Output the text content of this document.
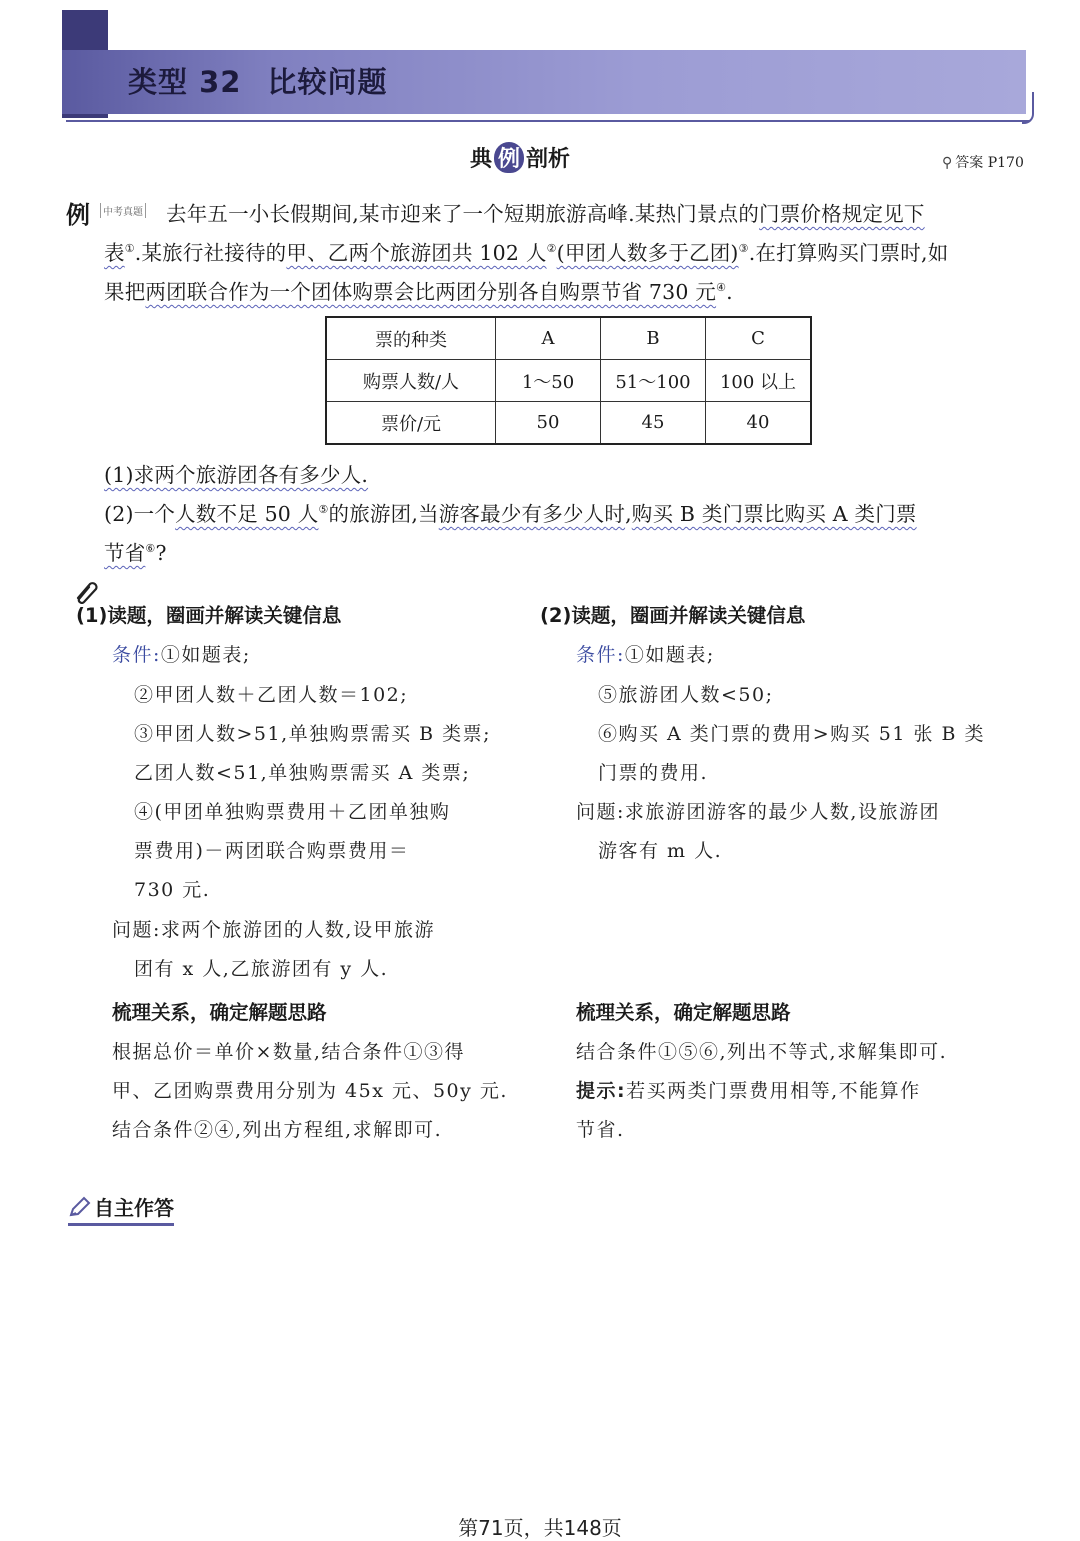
类型 32 比较问题
典 例 剖析	⚲ 答案 P170
例	中考真题 去年五一小长假期间,某市迎来了一个短期旅游高峰.某热门景点的门票价格规定见下
表①.某旅行社接待的甲、乙两个旅游团共 102 人②(甲团人数多于乙团)③.在打算购买门票时,如
果把两团联合作为一个团体购票会比两团分别各自购票节省 730 元④.
票的种类	A	B	C
购票人数/人	1～50	51～100	100 以上
票价/元	50	45	40
(1)求两个旅游团各有多少人.
(2)一个人数不足 50 人⑤的旅游团,当游客最少有多少人时,购买 B 类门票比购买 A 类门票
节省⑥?
(1)读题，圈画并解读关键信息
条件:①如题表;
②甲团人数＋乙团人数＝102;
③甲团人数>51,单独购票需买 B 类票;
乙团人数<51,单独购票需买 A 类票;
④(甲团单独购票费用＋乙团单独购
票费用)－两团联合购票费用＝
730 元.
问题:求两个旅游团的人数,设甲旅游
团有 x 人,乙旅游团有 y 人.
梳理关系，确定解题思路
根据总价＝单价×数量,结合条件①③得
甲、乙团购票费用分别为 45x 元、50y 元.
结合条件②④,列出方程组,求解即可.
(2)读题，圈画并解读关键信息
条件:①如题表;
⑤旅游团人数<50;
⑥购买 A 类门票的费用>购买 51 张 B 类
门票的费用.
问题:求旅游团游客的最少人数,设旅游团
游客有 m 人.
梳理关系，确定解题思路
结合条件①⑤⑥,列出不等式,求解集即可.
提示:若买两类门票费用相等,不能算作
节省.
自主作答
第71页，共148页
